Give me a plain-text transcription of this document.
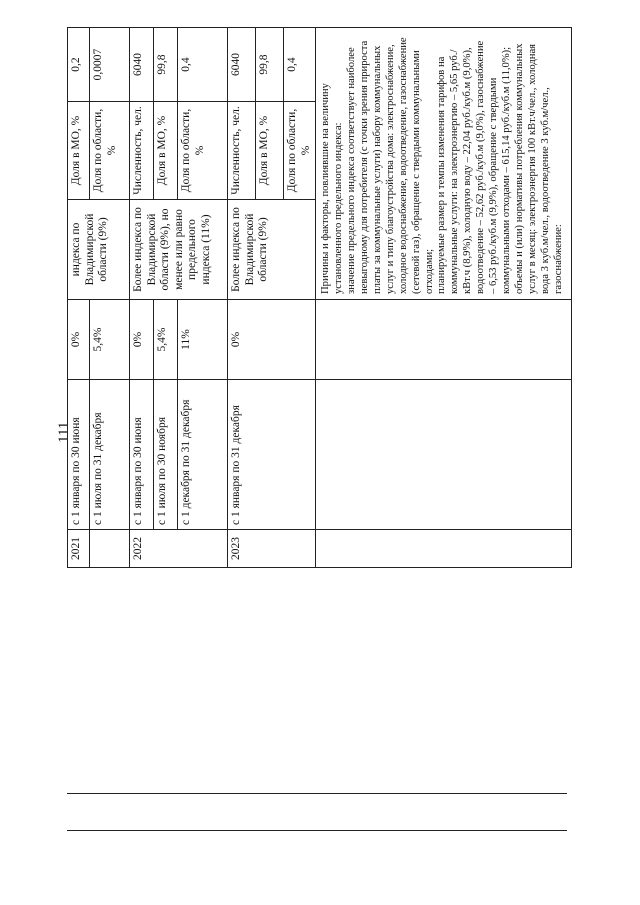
111
2021	с 1 января по 30 июня	0%	индекса по Владимирской области (9%)	Доля в МО, %	0,2
	с 1 июля по 31 декабря	5,4%		Доля по области, %	0,0007
2022	с 1 января по 30 июня	0%	Более индекса по Владимирской области (9%), но менее или равно предельного индекса (11%)	Численность, чел.	6040
	с 1 июля по 30 ноября	5,4%		Доля в МО, %	99,8
	с 1 декабря по 31 декабря	11%		Доля по области, %	0,4
2023	с 1 января по 31 декабря	0%	Более индекса по Владимирской области (9%)	Численность, чел.	6040
				Доля в МО, %	99,8
				Доля по области, %	0,4

			Причины и факторы, повлиявшие на величину установленного предельного индекса: значение предельного индекса соответствует наиболее невыгодному для потребителя (с точки зрения прироста платы за коммунальные услуги) набору коммунальных услуг и типу благоустройства дома: электроснабжение, холодное водоснабжение, водоотведение, газоснабжение (сетевой газ), обращение с твердыми коммунальными отходами; планируемые размер и темпы изменения тарифов на коммунальные услуги: на электроэнергию – 5,65 руб./кВт.ч (8,9%), холодную воду – 22,04 руб./куб.м (9,0%), водоотведение – 52,62 руб./куб.м (9,0%), газоснабжение – 6,53 руб./куб.м (9,9%), обращение с твердыми коммунальными отходами – 615,14 руб./куб.м (11,0%); объемы и (или) нормативы потребления коммунальных услуг в месяц: электроэнергия 100 кВт.ч/чел., холодная вода 3 куб.м/чел., водоотведение 3 куб.м/чел., газоснабжение:		
